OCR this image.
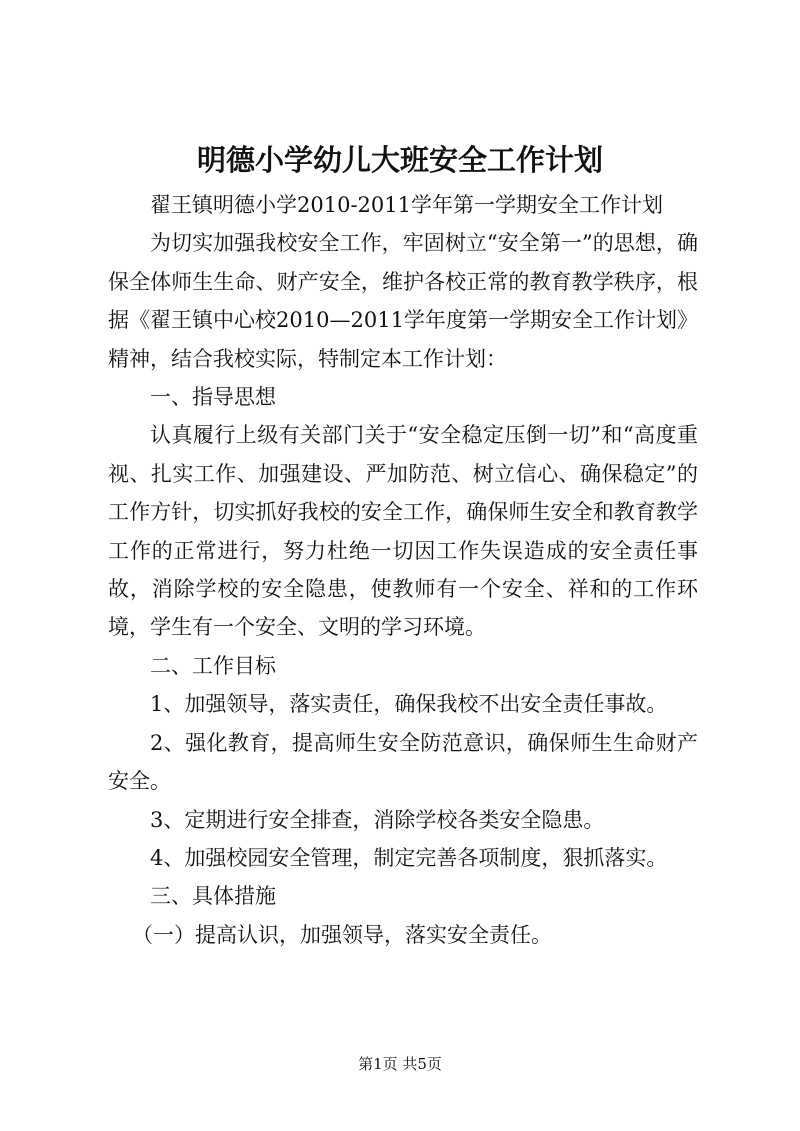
明德小学幼儿大班安全工作计划

翟王镇明德小学2010-2011学年第一学期安全工作计划

为切实加强我校安全工作，牢固树立“安全第一”的思想，确保全体师生生命、财产安全，维护各校正常的教育教学秩序，根据《翟王镇中心校2010—2011学年度第一学期安全工作计划》精神，结合我校实际，特制定本工作计划：

一、指导思想

认真履行上级有关部门关于“安全稳定压倒一切”和“高度重视、扎实工作、加强建设、严加防范、树立信心、确保稳定”的工作方针，切实抓好我校的安全工作，确保师生安全和教育教学工作的正常进行，努力杜绝一切因工作失误造成的安全责任事故，消除学校的安全隐患，使教师有一个安全、祥和的工作环境，学生有一个安全、文明的学习环境。

二、工作目标

1、加强领导，落实责任，确保我校不出安全责任事故。

2、强化教育，提高师生安全防范意识，确保师生生命财产安全。

3、定期进行安全排查，消除学校各类安全隐患。

4、加强校园安全管理，制定完善各项制度，狠抓落实。

三、具体措施

（一）提高认识，加强领导，落实安全责任。

第1页 共5页
